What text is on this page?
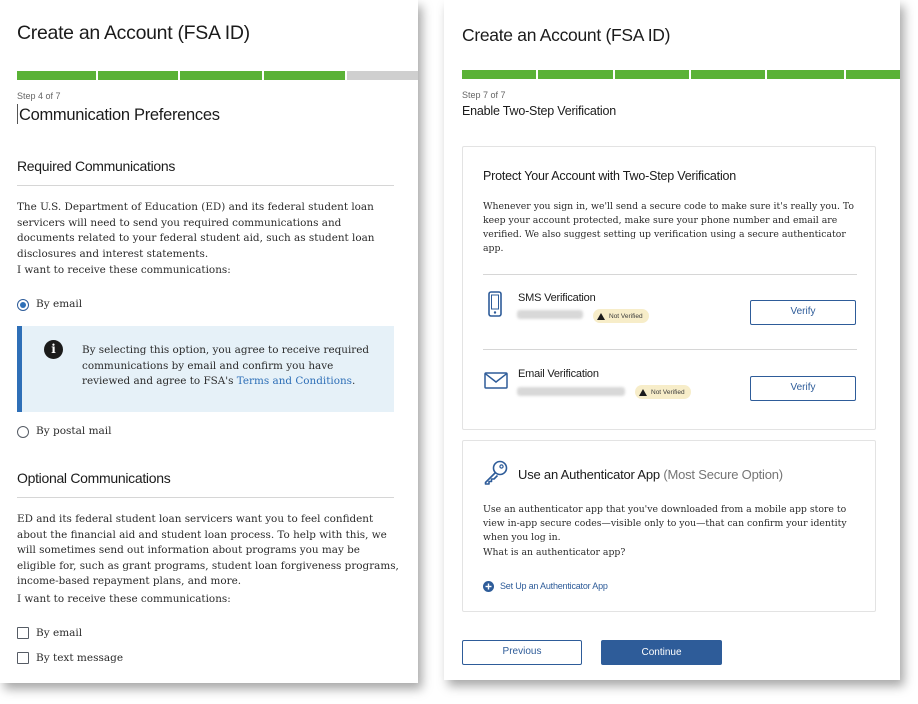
Create an Account (FSA ID)
Step 4 of 7
Communication Preferences
Required Communications
The U.S. Department of Education (ED) and its federal student loan servicers will need to send you required communications and documents related to your federal student aid, such as student loan disclosures and interest statements.
I want to receive these communications:
By email
i	By selecting this option, you agree to receive required communications by email and confirm you have reviewed and agree to FSA's Terms and Conditions.
By postal mail
Optional Communications
ED and its federal student loan servicers want you to feel confident about the financial aid and student loan process. To help with this, we will sometimes send out information about programs you may be eligible for, such as grant programs, student loan forgiveness programs, income-based repayment plans, and more.
I want to receive these communications:
By email
By text message
Create an Account (FSA ID)
Step 7 of 7
Enable Two-Step Verification
Protect Your Account with Two-Step Verification
Whenever you sign in, we'll send a secure code to make sure it's really you. To keep your account protected, make sure your phone number and email are verified. We also suggest setting up verification using a secure authenticator app.
SMS Verification
Not Verified	Verify
Email Verification
Not Verified	Verify
Use an Authenticator App (Most Secure Option)
Use an authenticator app that you've downloaded from a mobile app store to view in-app secure codes—visible only to you—that can confirm your identity when you log in.
What is an authenticator app?
Set Up an Authenticator App
Previous	Continue
